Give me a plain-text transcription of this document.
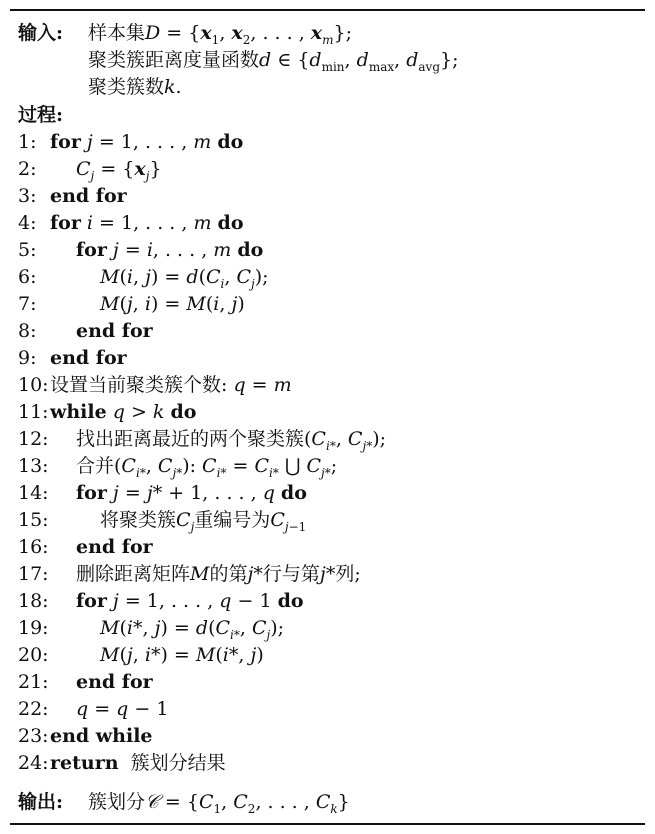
输入: 样本集$D = \{x_1$, $x_2$, . . . , $x_m$};
聚类簇距离度量函数d ∈ {$d_{min}$, $d_{max}$, $d_{avg}$};
聚类簇数k.
过程:
1: for j = 1, . . . , m do
2: $C_j = \{x_j\}$
3: end for
4: for i = 1, . . . , m do
5: for j = i, . . . , m do
6:	M(i, $j) = d(C_i$, $C_j$);
7:	M(j, i) = M(i, j)
8: end for
9: end for
10: 设置当前聚类簇个数: q = m
11: while q > k do
12: 找出距离最近的两个聚类簇($C_{i*}$, $C_{j*}$);
13: 合并($C_{i*}$, $C_{j*}$): $C_{i*} = C_{i*}$ ⋃ $C_{j*}$;
14: for j = j* + 1, . . . , q do
15:	将聚类簇$C_j$重编号为$C_{j-1}$
16: end for
17: 删除距离矩阵M的第j*行与第j*列;
18: for j = 1, . . . , q − 1 do
19:	M(i*, $j) = d(C_{i*}$, $C_j$);
20:	M(j, i*) = M(i*, j)
21: end for
22: q = q − 1
23: end while
24: return  簇划分结果
输出: 簇划分𝒞 = {$C_1$, $C_2$, . . . , $C_k$}
